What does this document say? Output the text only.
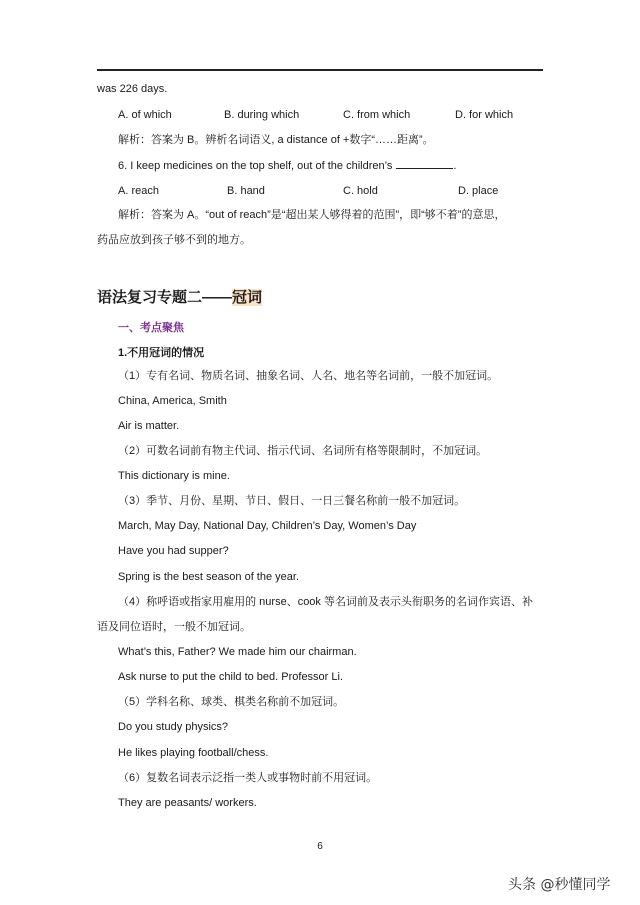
was 226 days.
A. of which	B. during which	C. from which	D. for which
解析：答案为 B。辨析名词语义, a distance of +数字“……距离”。
6. I keep medicines on the top shelf, out of the children’s	.
A. reach	B. hand	C. hold	D. place
解析：答案为 A。“out of reach”是“超出某人够得着的范围”，即“够不着”的意思，
药品应放到孩子够不到的地方。
语法复习专题二——冠词
一、考点聚焦
1.不用冠词的情况
（1）专有名词、物质名词、抽象名词、人名、地名等名词前，一般不加冠词。
China, America, Smith
Air is matter.
（2）可数名词前有物主代词、指示代词、名词所有格等限制时，不加冠词。
This dictionary is mine.
（3）季节、月份、星期、节日、假日、一日三餐名称前一般不加冠词。
March, May Day, National Day, Children’s Day, Women’s Day
Have you had supper?
Spring is the best season of the year.
（4）称呼语或指家用雇用的 nurse、cook 等名词前及表示头衔职务的名词作宾语、补
语及同位语时，一般不加冠词。
What’s this, Father? We made him our chairman.
Ask nurse to put the child to bed. Professor Li.
（5）学科名称、球类、棋类名称前不加冠词。
Do you study physics?
He likes playing football/chess.
（6）复数名词表示泛指一类人或事物时前不用冠词。
They are peasants/ workers.
6
头条 @秒懂同学
